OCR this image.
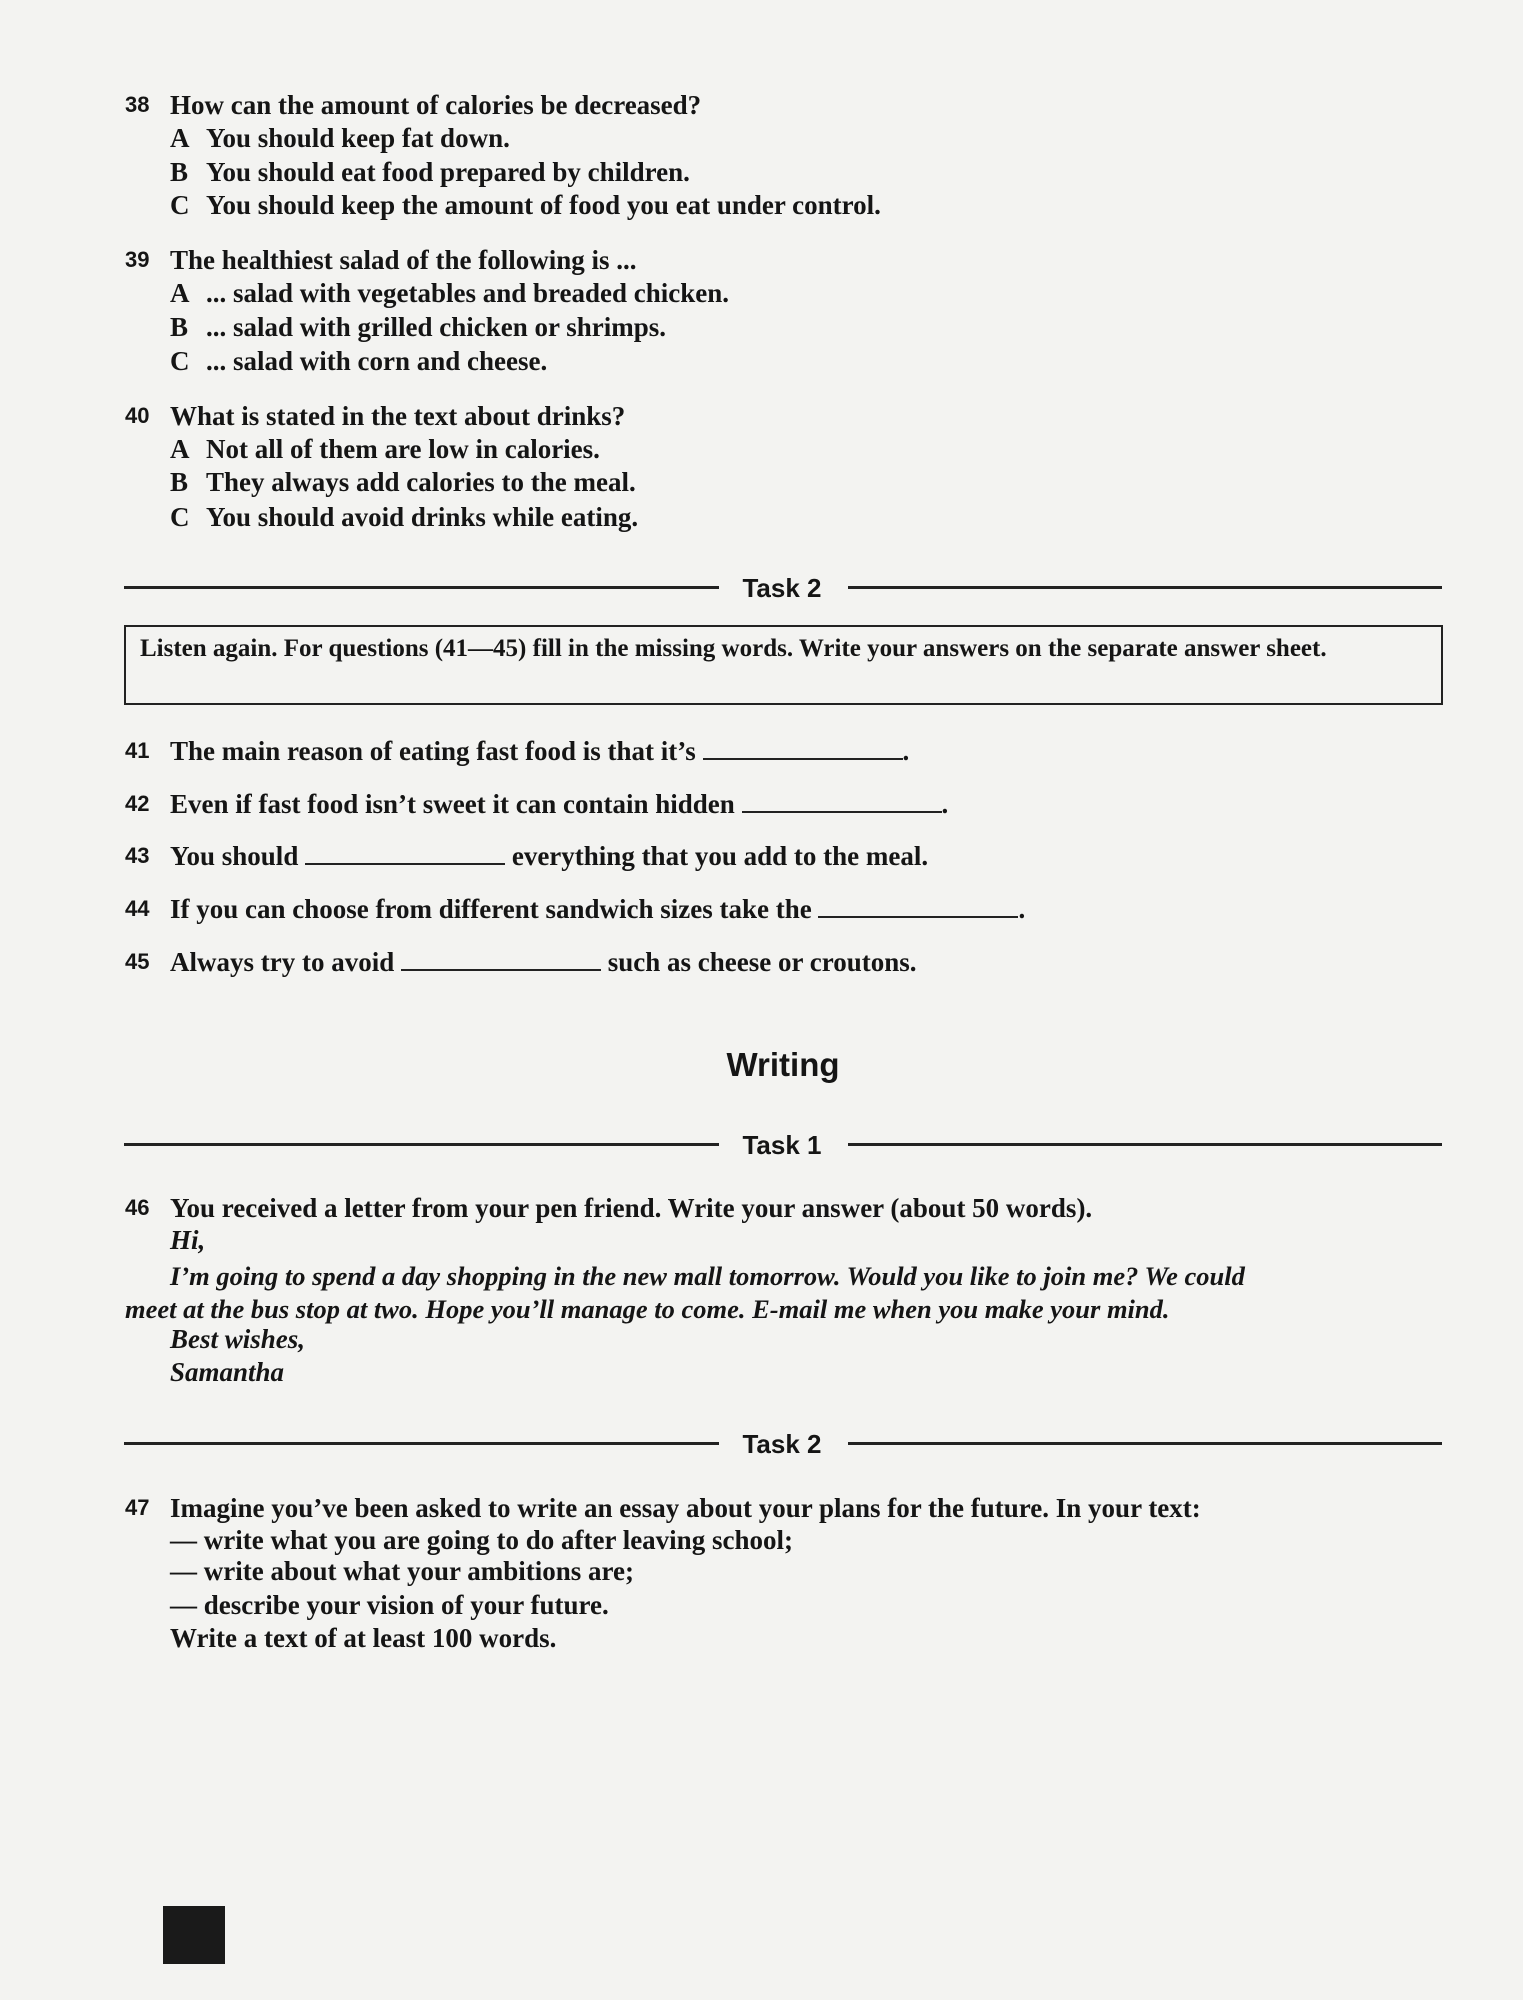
38 How can the amount of calories be decreased?
A You should keep fat down.
B You should eat food prepared by children.
C You should keep the amount of food you eat under control.
39 The healthiest salad of the following is ...
A ... salad with vegetables and breaded chicken.
B ... salad with grilled chicken or shrimps.
C ... salad with corn and cheese.
40 What is stated in the text about drinks?
A Not all of them are low in calories.
B They always add calories to the meal.
C You should avoid drinks while eating.
Task 2

Listen again. For questions (41—45) fill in the missing words. Write your answers on the separate answer sheet.

41 The main reason of eating fast food is that it’s	.
42 Even if fast food isn’t sweet it can contain hidden	.
43 You should	everything that you add to the meal.
44 If you can choose from different sandwich sizes take the	.
45 Always try to avoid	such as cheese or croutons.
Writing
Task 1
46 You received a letter from your pen friend. Write your answer (about 50 words).
Hi,
I’m going to spend a day shopping in the new mall tomorrow. Would you like to join me? We could
meet at the bus stop at two. Hope you’ll manage to come. E-mail me when you make your mind.
Best wishes,
Samantha
Task 2
47 Imagine you’ve been asked to write an essay about your plans for the future. In your text:
— write what you are going to do after leaving school;
— write about what your ambitions are;
— describe your vision of your future.
Write a text of at least 100 words.
